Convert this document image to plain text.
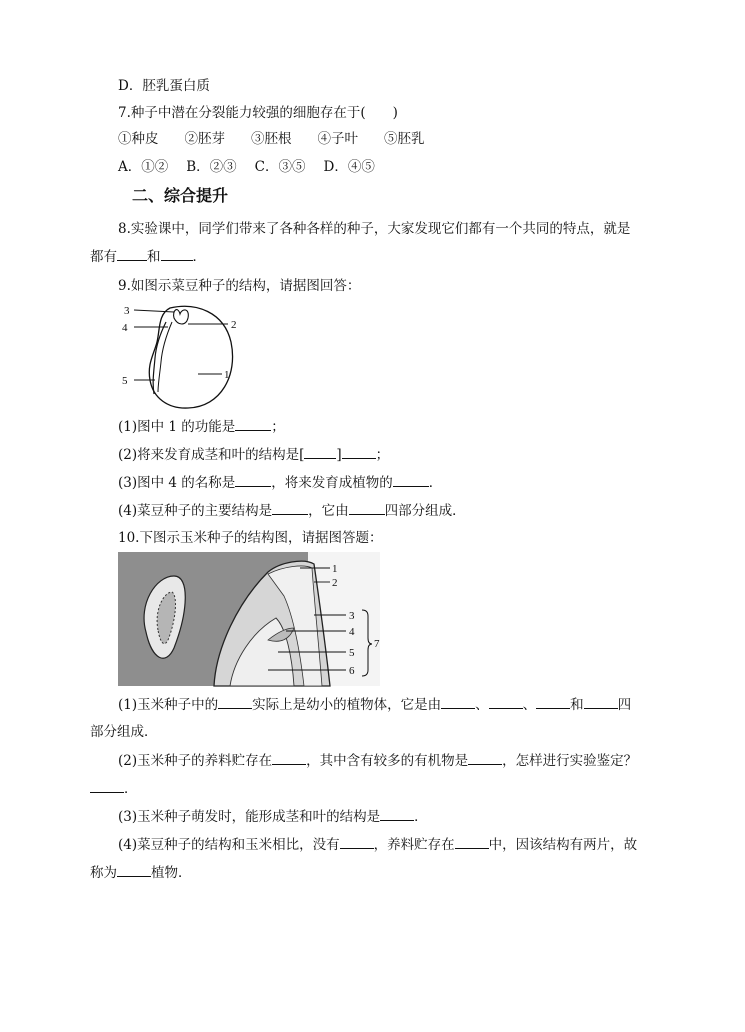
D．胚乳蛋白质
7.种子中潜在分裂能力较强的细胞存在于(　　)
①种皮 ②胚芽 ③胚根 ④子叶 ⑤胚乳
A．①② B．②③ C．③⑤ D．④⑤
二、综合提升
8.实验课中，同学们带来了各种各样的种子，大家发现它们都有一个共同的特点，就是
都有 和 ．
9.如图示菜豆种子的结构，请据图回答：
3
4	2
5	1
(1)图中 1 的功能是	；
(2)将来发育成茎和叶的结构是[ ]	；
(3)图中 4 的名称是	，将来发育成植物的	．
(4)菜豆种子的主要结构是	，它由	四部分组成．
10.下图示玉米种子的结构图，请据图答题：
1
2
3
4
5
6
7
(1)玉米种子中的	实际上是幼小的植物体，它是由	、	、	和	四
部分组成．
(2)玉米种子的养料贮存在	，其中含有较多的有机物是	，怎样进行实验鉴定？
．
(3)玉米种子萌发时，能形成茎和叶的结构是	．
(4)菜豆种子的结构和玉米相比，没有	，养料贮存在	中，因该结构有两片，故
称为	植物．
